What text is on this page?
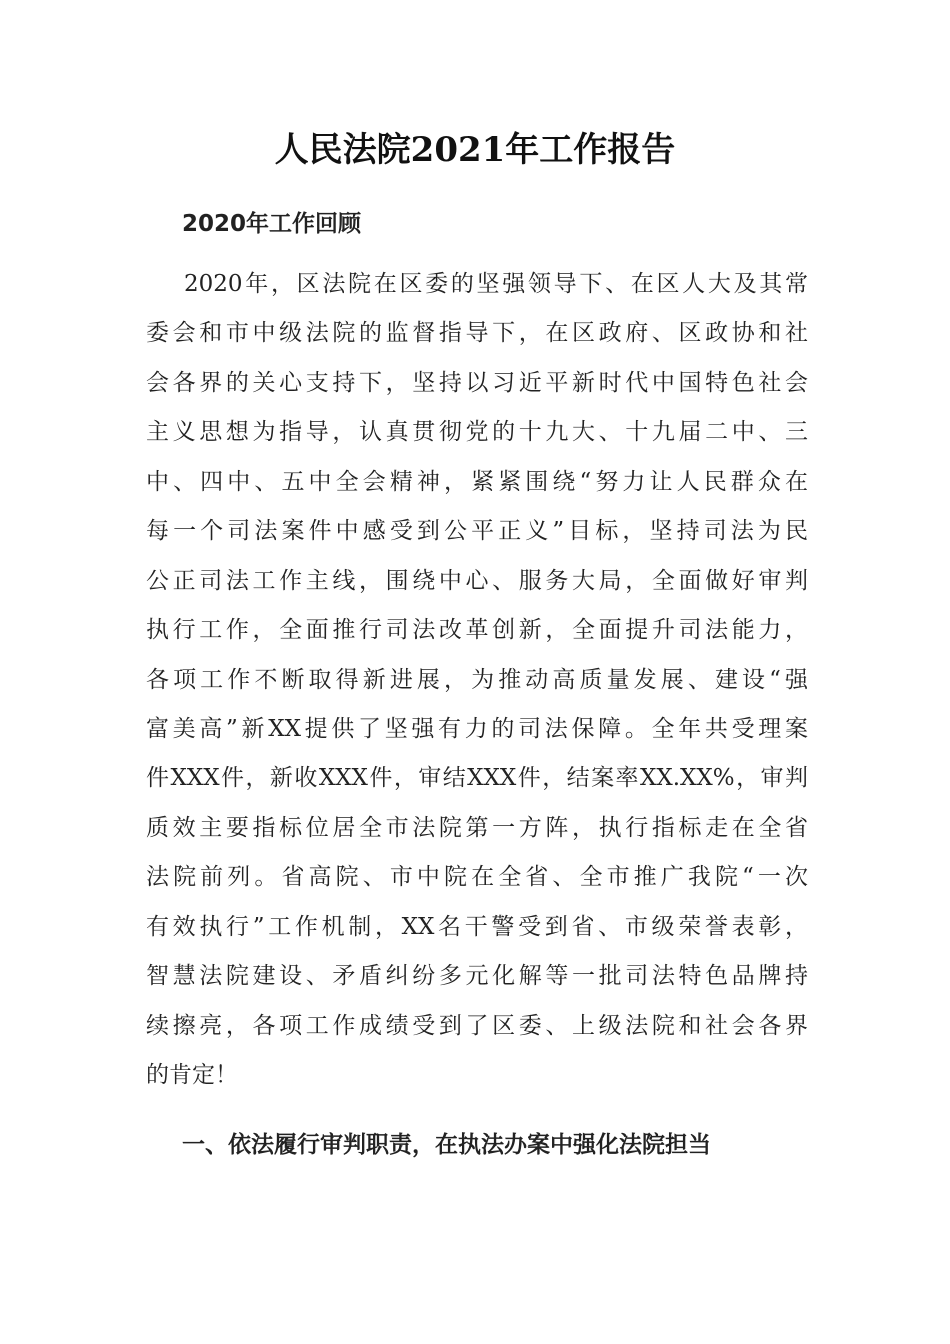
人民法院2021年工作报告
2020年工作回顾
2020年，区法院在区委的坚强领导下、在区人大及其常
委会和市中级法院的监督指导下，在区政府、区政协和社
会各界的关心支持下，坚持以习近平新时代中国特色社会
主义思想为指导，认真贯彻党的十九大、十九届二中、三
中、四中、五中全会精神，紧紧围绕“努力让人民群众在
每一个司法案件中感受到公平正义”目标，坚持司法为民
公正司法工作主线，围绕中心、服务大局，全面做好审判
执行工作，全面推行司法改革创新，全面提升司法能力，
各项工作不断取得新进展，为推动高质量发展、建设“强
富美高”新XX提供了坚强有力的司法保障。全年共受理案
件XXX件，新收XXX件，审结XXX件，结案率XX.XX%，审判
质效主要指标位居全市法院第一方阵，执行指标走在全省
法院前列。省高院、市中院在全省、全市推广我院“一次
有效执行”工作机制，XX名干警受到省、市级荣誉表彰，
智慧法院建设、矛盾纠纷多元化解等一批司法特色品牌持
续擦亮，各项工作成绩受到了区委、上级法院和社会各界
的肯定！
一、依法履行审判职责，在执法办案中强化法院担当
